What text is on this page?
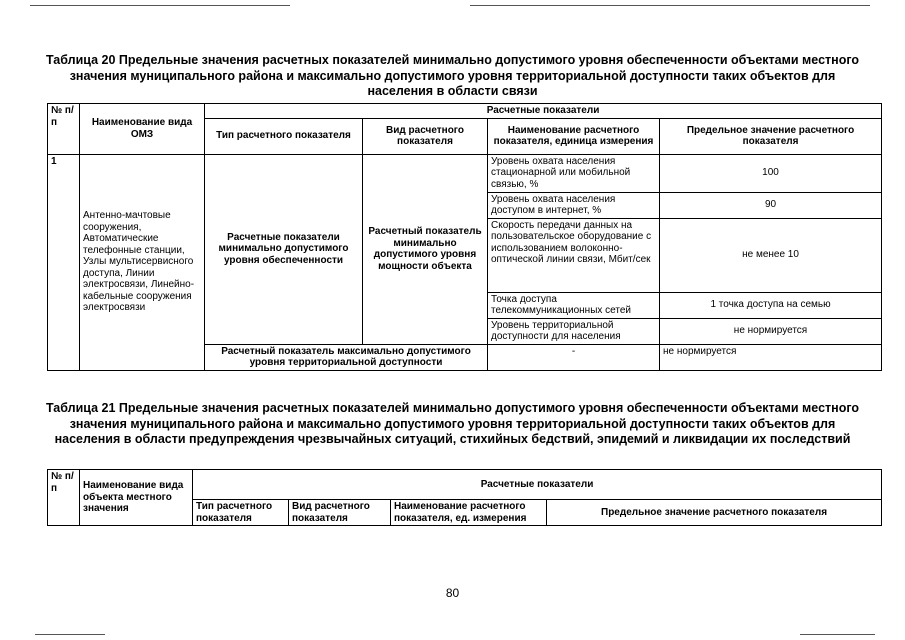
Таблица 20 Предельные значения расчетных показателей минимально допустимого уровня обеспеченности объектами местного значения муниципального района и максимально допустимого уровня территориальной доступности таких объектов для населения в области связи

№ п/п	Наименование вида ОМЗ	Расчетные показатели			
		Тип расчетного показателя	Вид расчетного показателя	Наименование расчетного показателя, единица измерения	Предельное значение расчетного показателя
1	Антенно-мачтовые сооружения, Автоматические телефонные станции, Узлы мультисервисного доступа, Линии электросвязи, Линейно-кабельные сооружения электросвязи	Расчетные показатели минимально допустимого уровня обеспеченности	Расчетный показатель минимально допустимого уровня мощности объекта	Уровень охвата населения стационарной или мобильной связью, %	100
				Уровень охвата населения доступом в интернет, %	90
				Скорость передачи данных на пользовательское оборудование с использованием волоконно-оптической линии связи, Мбит/сек	не менее 10
				Точка доступа телекоммуникационных сетей	1 точка доступа на семью
				Уровень территориальной доступности для населения	не нормируется
		Расчетный показатель максимально допустимого уровня территориальной доступности		-	не нормируется

Таблица 21 Предельные значения расчетных показателей минимально допустимого уровня обеспеченности объектами местного значения муниципального района и максимально допустимого уровня территориальной доступности таких объектов для населения в области предупреждения чрезвычайных ситуаций, стихийных бедствий, эпидемий и ликвидации их последствий

№ п/п	Наименование вида объекта местного значения	Расчетные показатели			
		Тип расчетного показателя	Вид расчетного показателя	Наименование расчетного показателя, ед. измерения	Предельное значение расчетного показателя
80
